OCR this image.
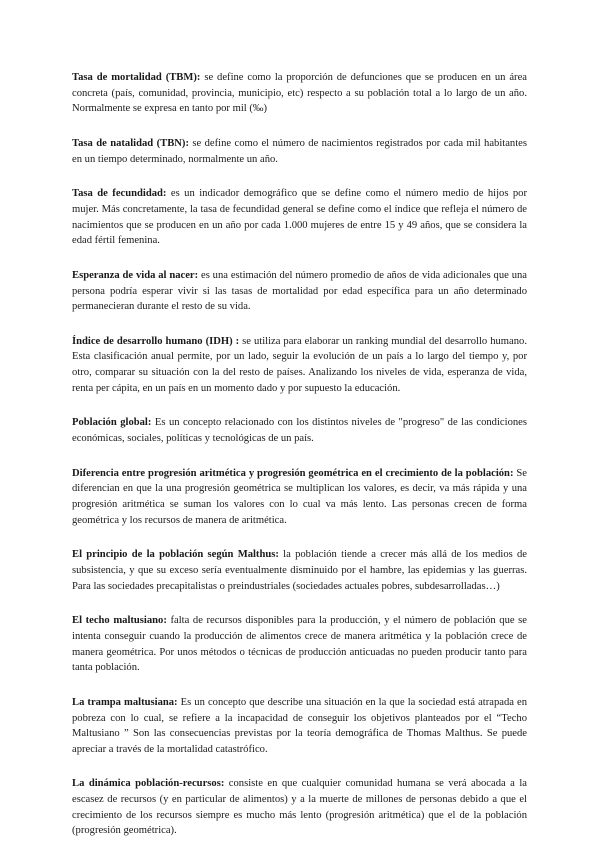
Tasa de mortalidad (TBM): se define como la proporción de defunciones que se producen en un área concreta (país, comunidad, provincia, municipio, etc) respecto a su población total a lo largo de un año. Normalmente se expresa en tanto por mil (‰)

Tasa de natalidad (TBN): se define como el número de nacimientos registrados por cada mil habitantes en un tiempo determinado, normalmente un año.

Tasa de fecundidad: es un indicador demográfico que se define como el número medio de hijos por mujer. Más concretamente, la tasa de fecundidad general se define como el índice que refleja el número de nacimientos que se producen en un año por cada 1.000 mujeres de entre 15 y 49 años, que se considera la edad fértil femenina.

Esperanza de vida al nacer: es una estimación del número promedio de años de vida adicionales que una persona podría esperar vivir si las tasas de mortalidad por edad específica para un año determinado permanecieran durante el resto de su vida.

Índice de desarrollo humano (IDH) : se utiliza para elaborar un ranking mundial del desarrollo humano. Esta clasificación anual permite, por un lado, seguir la evolución de un país a lo largo del tiempo y, por otro, comparar su situación con la del resto de países. Analizando los niveles de vida, esperanza de vida, renta per cápita, en un país en un momento dado y por supuesto la educación.

Población global: Es un concepto relacionado con los distintos niveles de "progreso" de las condiciones económicas, sociales, políticas y tecnológicas de un país.

Diferencia entre progresión aritmética y progresión geométrica en el crecimiento de la población: Se diferencian en que la una progresión geométrica se multiplican los valores, es decir, va más rápida y una progresión aritmética se suman los valores con lo cual va más lento. Las personas crecen de forma geométrica y los recursos de manera de aritmética.

El principio de la población según Malthus: la población tiende a crecer más allá de los medios de subsistencia, y que su exceso sería eventualmente disminuido por el hambre, las epidemias y las guerras. Para las sociedades precapitalistas o preindustriales (sociedades actuales pobres, subdesarrolladas…)

El techo maltusiano: falta de recursos disponibles para la producción, y el número de población que se intenta conseguir cuando la producción de alimentos crece de manera aritmética y la población crece de manera geométrica. Por unos métodos o técnicas de producción anticuadas no pueden producir tanto para tanta población.

La trampa maltusiana: Es un concepto que describe una situación en la que la sociedad está atrapada en pobreza con lo cual, se refiere a la incapacidad de conseguir los objetivos planteados por el “Techo Maltusiano ” Son las consecuencias previstas por la teoría demográfica de Thomas Malthus. Se puede apreciar a través de la mortalidad catastrófico.

La dinámica población-recursos: consiste en que cualquier comunidad humana se verá abocada a la escasez de recursos (y en particular de alimentos) y a la muerte de millones de personas debido a que el crecimiento de los recursos siempre es mucho más lento (progresión aritmética) que el de la población (progresión geométrica).
